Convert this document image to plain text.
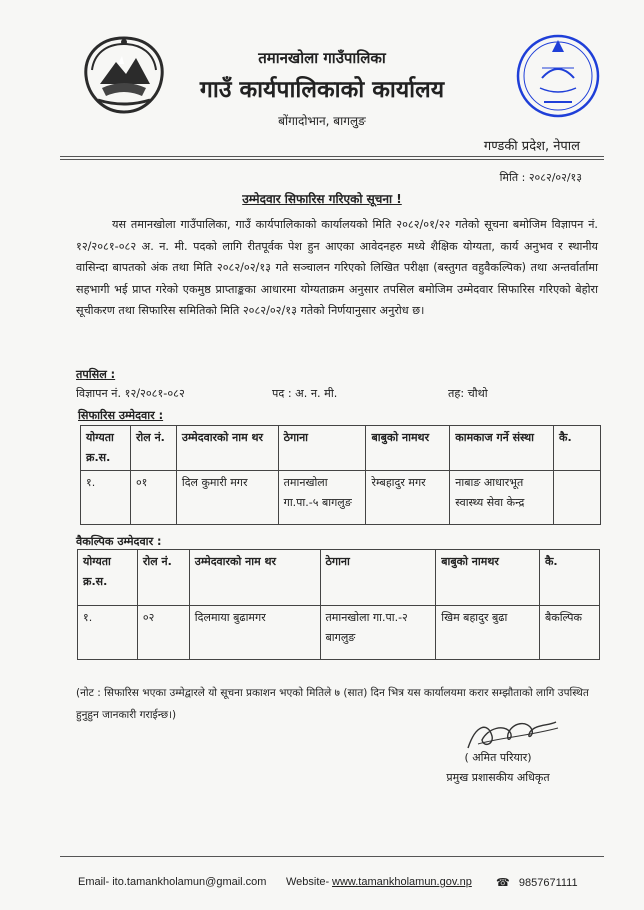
तमानखोला गाउँपालिका
गाउँ कार्यपालिकाको कार्यालय
बोंगादोभान, बागलुङ
गण्डकी प्रदेश, नेपाल
मिति : २०८२/०२/१३
उम्मेदवार सिफारिस गरिएको सूचना !
यस तमानखोला गाउँपालिका, गाउँ कार्यपालिकाको कार्यालयको मिति २०८२/०१/२२ गतेको सूचना बमोजिम विज्ञापन नं. १२/२०८१-०८२ अ. न. मी. पदको लागि रीतपूर्वक पेश हुन आएका आवेदनहरु मध्ये शैक्षिक योग्यता, कार्य अनुभव र स्थानीय वासिन्दा बापतको अंक तथा मिति २०८२/०२/१३ गते सञ्चालन गरिएको लिखित परीक्षा (बस्तुगत वहुवैकल्पिक) तथा अन्तर्वार्तामा सहभागी भई प्राप्त गरेको एकमुष्ठ प्राप्ताङ्कका आधारमा योग्यताक्रम अनुसार तपसिल बमोजिम उम्मेदवार सिफारिस गरिएको बेहोरा सूचीकरण तथा सिफारिस समितिको मिति २०८२/०२/१३ गतेको निर्णयानुसार अनुरोध छ।
तपसिल :
विज्ञापन नं. १२/२०८१-०८२	पद : अ. न. मी.	तह: चौथो
सिफारिस उम्मेदवार :
योग्यता क्र.स.	रोल नं.	उम्मेदवारको नाम थर	ठेगाना	बाबुको नामथर	कामकाज गर्ने संस्था	कै.
१.	०१	दिल कुमारी मगर	तमानखोला गा.पा.-५ बागलुङ	रेम्बहादुर मगर	नाबाङ आधारभूत स्वास्थ्य सेवा केन्द्र	
वैकल्पिक उम्मेदवार :
योग्यता क्र.स.	रोल नं.	उम्मेदवारको नाम थर	ठेगाना	बाबुको नामथर	कै.
१.	०२	दिलमाया बुढामगर	तमानखोला गा.पा.-२ बागलुङ	खिम बहादुर बुढा	बैकल्पिक
(नोट : सिफारिस भएका उम्मेद्वारले यो सूचना प्रकाशन भएको मितिले ७ (सात) दिन भित्र यस कार्यालयमा करार सम्झौताको लागि उपस्थित हुनुहुन जानकारी गराईन्छ।)
( अमित परियार)
प्रमुख प्रशासकीय अधिकृत
Email- ito.tamankholamun@gmail.com Website- www.tamankholamun.gov.np ☎ 9857671111
